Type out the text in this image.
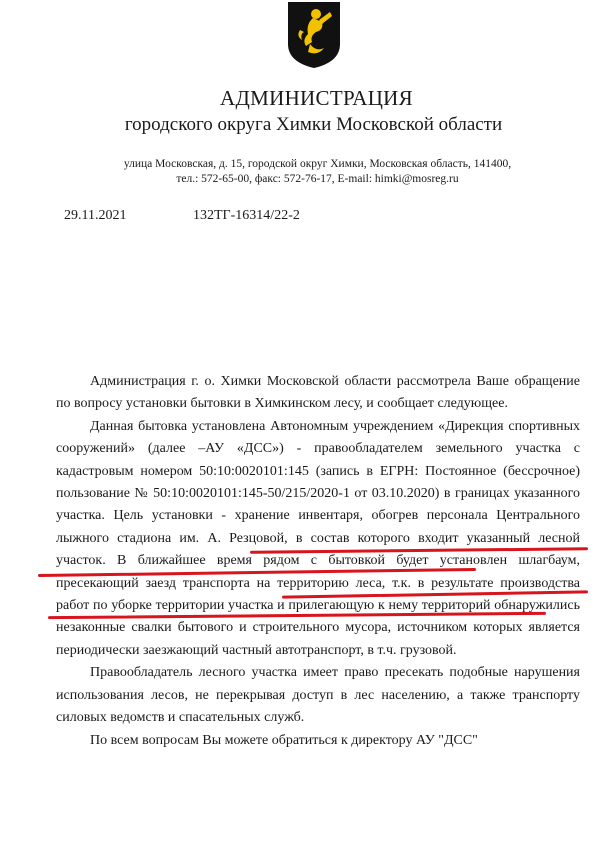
АДМИНИСТРАЦИЯ
городского округа Химки Московской области
улица Московская, д. 15, городской округ Химки, Московская область, 141400,
тел.: 572-65-00, факс: 572-76-17, E-mail: himki@mosreg.ru
29.11.2021	132ТГ-16314/22-2

Администрация г. о. Химки Московской области рассмотрела Ваше обращение по вопросу установки бытовки в Химкинском лесу, и сообщает следующее.

Данная бытовка установлена Автономным учреждением «Дирекция спортивных сооружений» (далее –АУ «ДСС») - правообладателем земельного участка с кадастровым номером 50:10:0020101:145 (запись в ЕГРН: Постоянное (бессрочное) пользование № 50:10:0020101:145-50/215/2020-1 от 03.10.2020) в границах указанного участка. Цель установки - хранение инвентаря, обогрев персонала Центрального лыжного стадиона им. А. Резцовой, в состав которого входит указанный лесной участок. В ближайшее время рядом с бытовкой будет установлен шлагбаум, пресекающий заезд транспорта на территорию леса, т.к. в результате производства работ по уборке территории участка и прилегающую к нему территорий обнаружились незаконные свалки бытового и строительного мусора, источником которых является периодически заезжающий частный автотранспорт, в т.ч. грузовой.

Правообладатель лесного участка имеет право пресекать подобные нарушения использования лесов, не перекрывая доступ в лес населению, а также транспорту силовых ведомств и спасательных служб.

По всем вопросам Вы можете обратиться к директору АУ "ДСС"
